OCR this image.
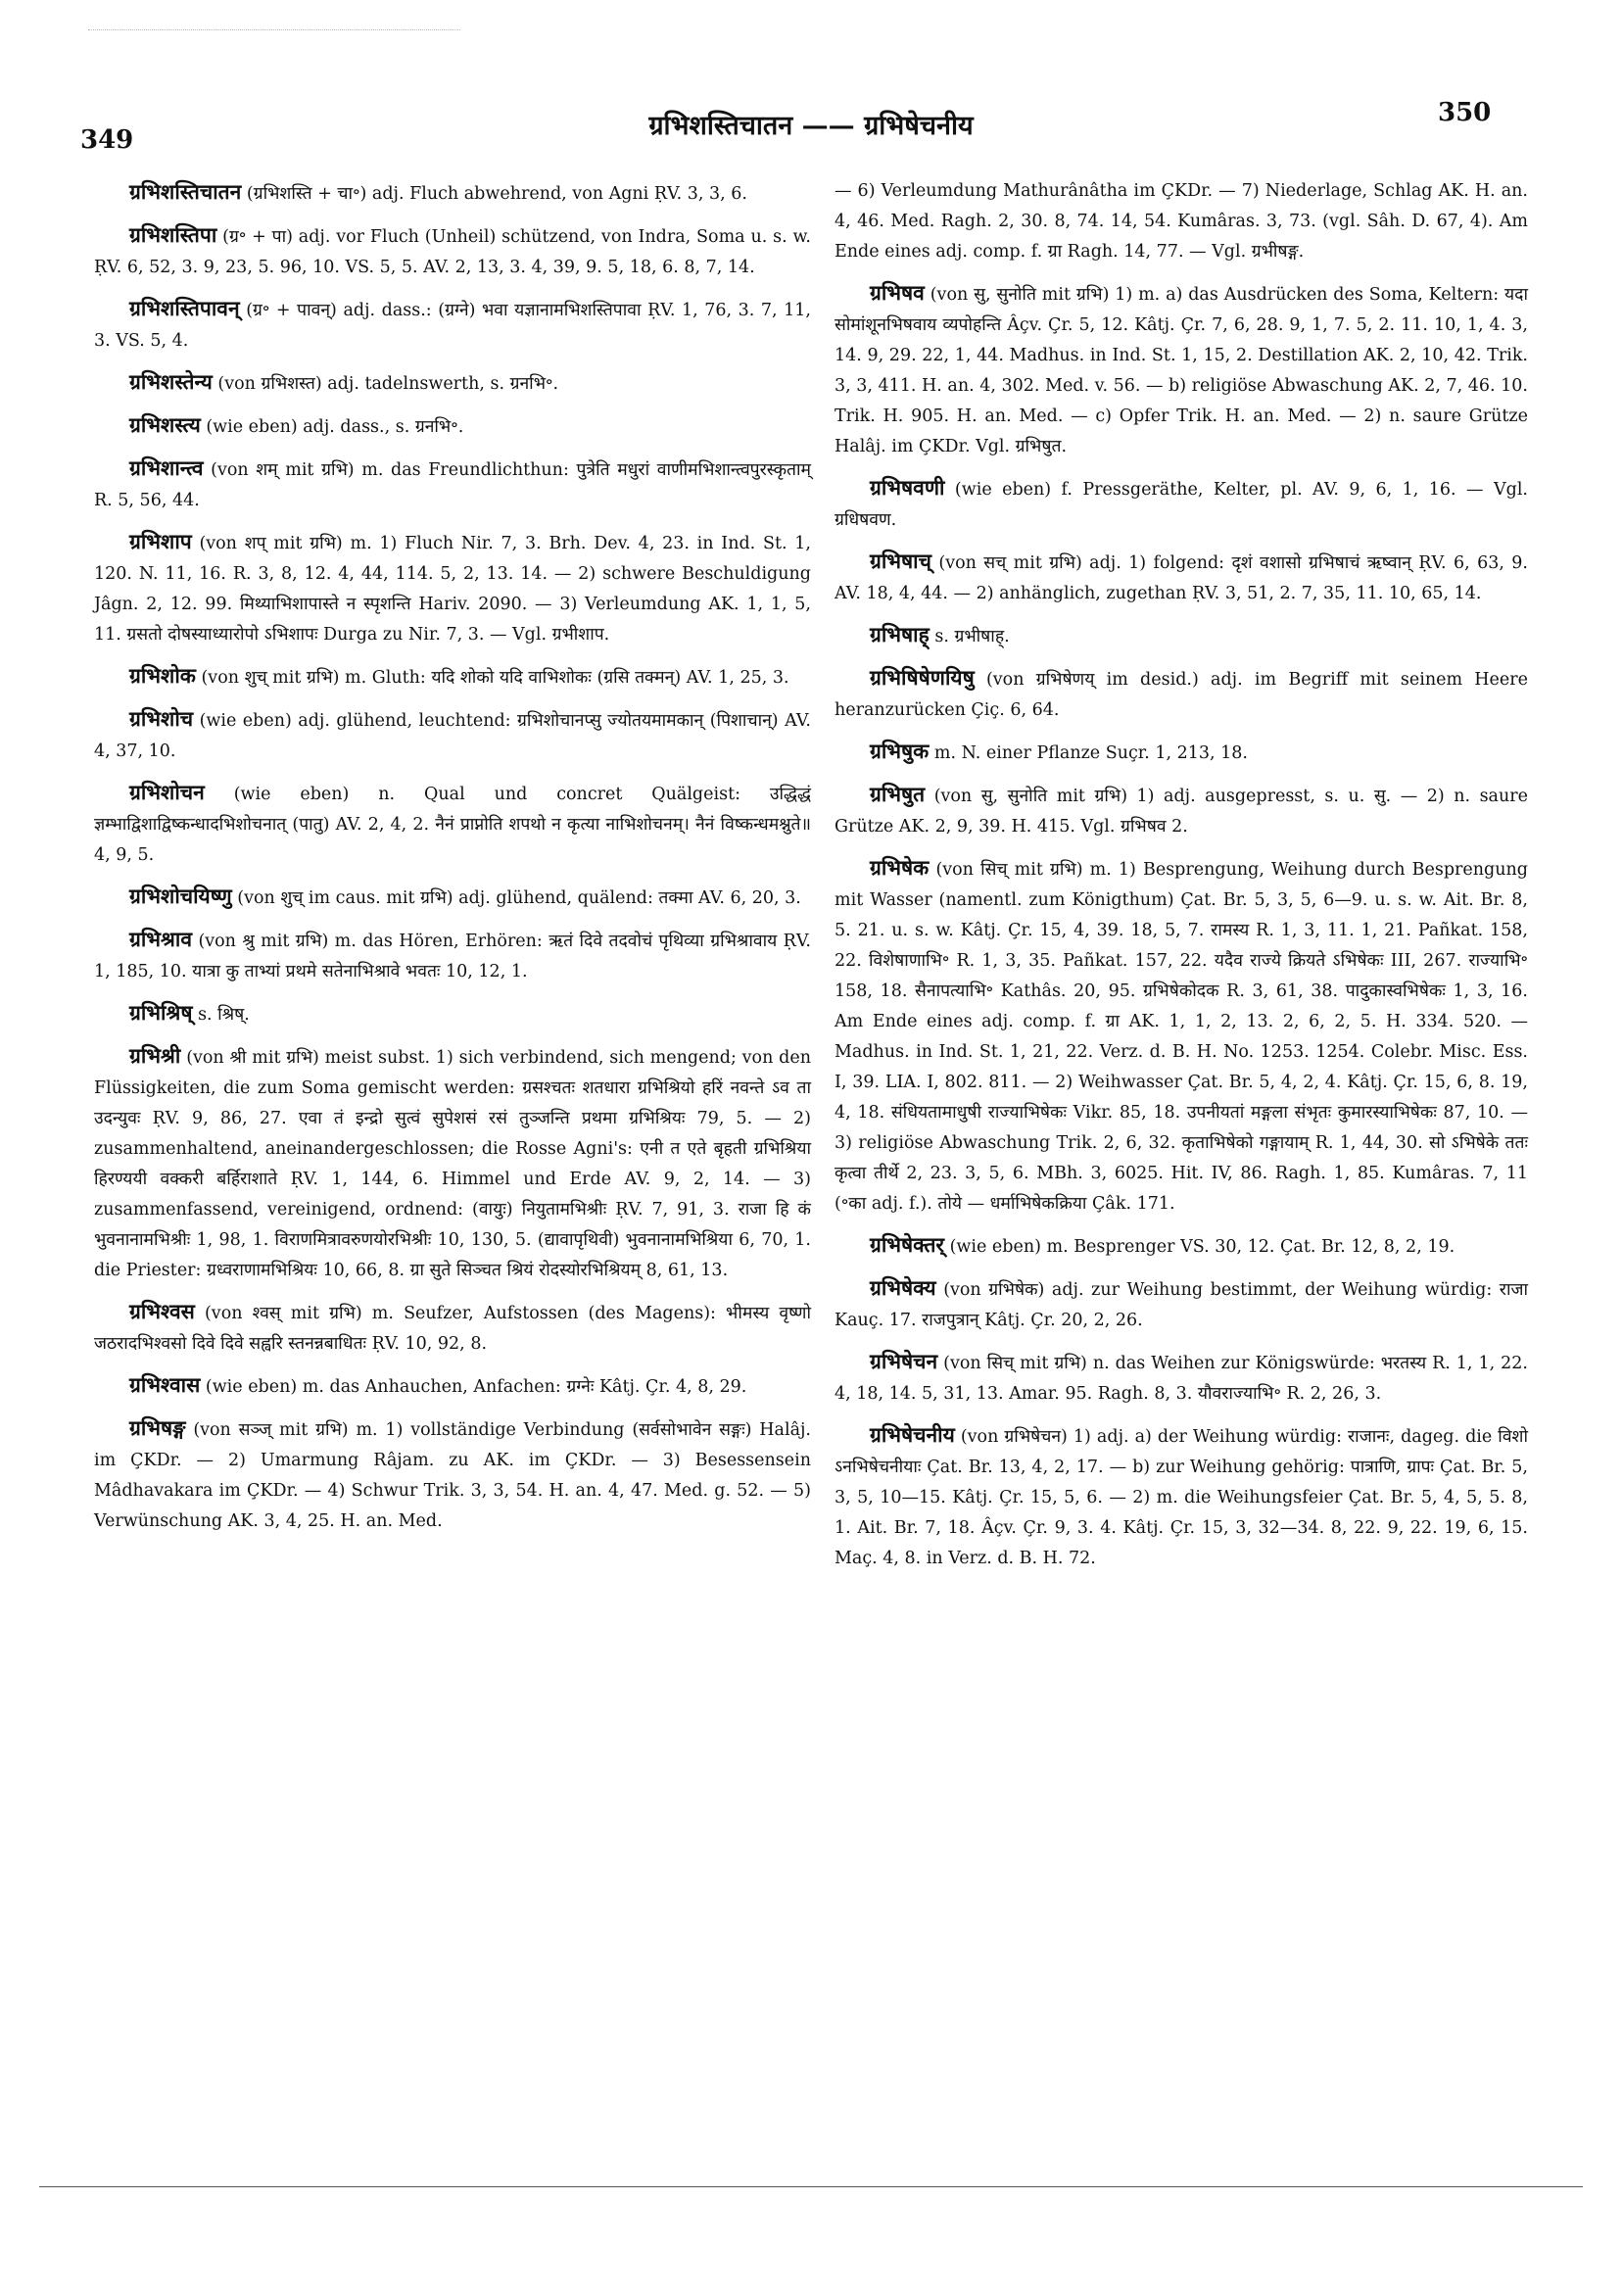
349	ग्रभिशस्तिचातन —— ग्रभिषेचनीय	350

ग्रभिशस्तिचातन (ग्रभिशस्ति + चा॰) adj. Fluch abwehrend, von Agni ṚV. 3, 3, 6.

ग्रभिशस्तिपा (ग्र॰ + पा) adj. vor Fluch (Unheil) schützend, von Indra, Soma u. s. w. ṚV. 6, 52, 3. 9, 23, 5. 96, 10. VS. 5, 5. AV. 2, 13, 3. 4, 39, 9. 5, 18, 6. 8, 7, 14.

ग्रभिशस्तिपावन् (ग्र॰ + पावन्) adj. dass.: (ग्रग्ने) भवा यज्ञानामभिशस्तिपावा ṚV. 1, 76, 3. 7, 11, 3. VS. 5, 4.

ग्रभिशस्तेन्य (von ग्रभिशस्त) adj. tadelnswerth, s. ग्रनभि॰.

ग्रभिशस्त्य (wie eben) adj. dass., s. ग्रनभि॰.

ग्रभिशान्त्व (von शम् mit ग्रभि) m. das Freundlichthun: पुत्रेति मधुरां वाणीमभिशान्त्वपुरस्कृताम् R. 5, 56, 44.

ग्रभिशाप (von शप् mit ग्रभि) m. 1) Fluch Nir. 7, 3. Brh. Dev. 4, 23. in Ind. St. 1, 120. N. 11, 16. R. 3, 8, 12. 4, 44, 114. 5, 2, 13. 14. — 2) schwere Beschuldigung Jâgn. 2, 12. 99. मिथ्याभिशापास्ते न स्पृशन्ति Hariv. 2090. — 3) Verleumdung AK. 1, 1, 5, 11. ग्रसतो दोषस्याध्यारोपो ऽभिशापः Durga zu Nir. 7, 3. — Vgl. ग्रभीशाप.

ग्रभिशोक (von शुच् mit ग्रभि) m. Gluth: यदि शोको यदि वाभिशोकः (ग्रसि तक्मन्) AV. 1, 25, 3.

ग्रभिशोच (wie eben) adj. glühend, leuchtend: ग्रभिशोचानप्सु ज्योतयमामकान् (पिशाचान्) AV. 4, 37, 10.

ग्रभिशोचन (wie eben) n. Qual und concret Quälgeist: उद्धिद्धं ज्ञम्भाद्विशाद्विष्कन्धादभिशोचनात् (पातु) AV. 2, 4, 2. नैनं प्राप्नोति शपथो न कृत्या नाभिशोचनम्। नैनं विष्कन्धमश्नुते॥ 4, 9, 5.

ग्रभिशोचयिष्णु (von शुच् im caus. mit ग्रभि) adj. glühend, quälend: तक्मा AV. 6, 20, 3.

ग्रभिश्राव (von श्रु mit ग्रभि) m. das Hören, Erhören: ऋतं दिवे तदवोचं पृथिव्या ग्रभिश्रावाय ṚV. 1, 185, 10. यात्रा कु ताभ्यां प्रथमे सतेनाभिश्रावे भवतः 10, 12, 1.

ग्रभिश्रिष् s. श्रिष्.

ग्रभिश्री (von श्री mit ग्रभि) meist subst. 1) sich verbindend, sich mengend; von den Flüssigkeiten, die zum Soma gemischt werden: ग्रसश्चतः शतधारा ग्रभिश्रियो हरिं नवन्ते ऽव ता उदन्युवः ṚV. 9, 86, 27. एवा तं इन्द्रो सुत्वं सुपेशसं रसं तुञ्जन्ति प्रथमा ग्रभिश्रियः 79, 5. — 2) zusammenhaltend, aneinandergeschlossen; die Rosse Agni's: एनी त एते बृहती ग्रभिश्रिया हिरण्ययी वक्करी बर्हिराशाते ṚV. 1, 144, 6. Himmel und Erde AV. 9, 2, 14. — 3) zusammenfassend, vereinigend, ordnend: (वायुः) नियुतामभिश्रीः ṚV. 7, 91, 3. राजा हि कं भुवनानामभिश्रीः 1, 98, 1. विराणमित्रावरुणयोरभिश्रीः 10, 130, 5. (द्यावापृथिवी) भुवनानामभिश्रिया 6, 70, 1. die Priester: ग्रध्वराणामभिश्रियः 10, 66, 8. ग्रा सुते सिञ्चत श्रियं रोदस्योरभिश्रियम् 8, 61, 13.

ग्रभिश्वस (von श्वस् mit ग्रभि) m. Seufzer, Aufstossen (des Magens): भीमस्य वृष्णो जठरादभिश्वसो दिवे दिवे सह्वरि स्तनन्नबाधितः ṚV. 10, 92, 8.

ग्रभिश्वास (wie eben) m. das Anhauchen, Anfachen: ग्रग्नेः Kâtj. Çr. 4, 8, 29.

ग्रभिषङ्ग (von सञ्ज् mit ग्रभि) m. 1) vollständige Verbindung (सर्वसोभावेन सङ्गः) Halâj. im ÇKDr. — 2) Umarmung Râjam. zu AK. im ÇKDr. — 3) Besessensein Mâdhavakara im ÇKDr. — 4) Schwur Trik. 3, 3, 54. H. an. 4, 47. Med. g. 52. — 5) Verwünschung AK. 3, 4, 25. H. an. Med.

— 6) Verleumdung Mathurânâtha im ÇKDr. — 7) Niederlage, Schlag AK. H. an. 4, 46. Med. Ragh. 2, 30. 8, 74. 14, 54. Kumâras. 3, 73. (vgl. Sâh. D. 67, 4). Am Ende eines adj. comp. f. ग्रा Ragh. 14, 77. — Vgl. ग्रभीषङ्ग.

ग्रभिषव (von सु, सुनोति mit ग्रभि) 1) m. a) das Ausdrücken des Soma, Keltern: यदा सोमांशूनभिषवाय व्यपोहन्ति Âçv. Çr. 5, 12. Kâtj. Çr. 7, 6, 28. 9, 1, 7. 5, 2. 11. 10, 1, 4. 3, 14. 9, 29. 22, 1, 44. Madhus. in Ind. St. 1, 15, 2. Destillation AK. 2, 10, 42. Trik. 3, 3, 411. H. an. 4, 302. Med. v. 56. — b) religiöse Abwaschung AK. 2, 7, 46. 10. Trik. H. 905. H. an. Med. — c) Opfer Trik. H. an. Med. — 2) n. saure Grütze Halâj. im ÇKDr. Vgl. ग्रभिषुत.

ग्रभिषवणी (wie eben) f. Pressgeräthe, Kelter, pl. AV. 9, 6, 1, 16. — Vgl. ग्रधिषवण.

ग्रभिषाच् (von सच् mit ग्रभि) adj. 1) folgend: दृशं वशासो ग्रभिषाचं ऋष्वान् ṚV. 6, 63, 9. AV. 18, 4, 44. — 2) anhänglich, zugethan ṚV. 3, 51, 2. 7, 35, 11. 10, 65, 14.

ग्रभिषाह् s. ग्रभीषाह्.

ग्रभिषिषेणयिषु (von ग्रभिषेणय् im desid.) adj. im Begriff mit seinem Heere heranzurücken Çiç. 6, 64.

ग्रभिषुक m. N. einer Pflanze Suçr. 1, 213, 18.

ग्रभिषुत (von सु, सुनोति mit ग्रभि) 1) adj. ausgepresst, s. u. सु. — 2) n. saure Grütze AK. 2, 9, 39. H. 415. Vgl. ग्रभिषव 2.

ग्रभिषेक (von सिच् mit ग्रभि) m. 1) Besprengung, Weihung durch Besprengung mit Wasser (namentl. zum Königthum) Çat. Br. 5, 3, 5, 6—9. u. s. w. Ait. Br. 8, 5. 21. u. s. w. Kâtj. Çr. 15, 4, 39. 18, 5, 7. रामस्य R. 1, 3, 11. 1, 21. Pañkat. 158, 22. विशेषाणाभि॰ R. 1, 3, 35. Pañkat. 157, 22. यदैव राज्ये क्रियते ऽभिषेकः III, 267. राज्याभि॰ 158, 18. सैनापत्याभि॰ Kathâs. 20, 95. ग्रभिषेकोदक R. 3, 61, 38. पादुकास्वभिषेकः 1, 3, 16. Am Ende eines adj. comp. f. ग्रा AK. 1, 1, 2, 13. 2, 6, 2, 5. H. 334. 520. — Madhus. in Ind. St. 1, 21, 22. Verz. d. B. H. No. 1253. 1254. Colebr. Misc. Ess. I, 39. LIA. I, 802. 811. — 2) Weihwasser Çat. Br. 5, 4, 2, 4. Kâtj. Çr. 15, 6, 8. 19, 4, 18. संधियतामाधुषी राज्याभिषेकः Vikr. 85, 18. उपनीयतां मङ्गला संभृतः कुमारस्याभिषेकः 87, 10. — 3) religiöse Abwaschung Trik. 2, 6, 32. कृताभिषेको गङ्गायाम् R. 1, 44, 30. सो ऽभिषेके ततः कृत्वा तीर्थे 2, 23. 3, 5, 6. MBh. 3, 6025. Hit. IV, 86. Ragh. 1, 85. Kumâras. 7, 11 (॰का adj. f.). तोये — धर्माभिषेकक्रिया Çâk. 171.

ग्रभिषेक्तर् (wie eben) m. Besprenger VS. 30, 12. Çat. Br. 12, 8, 2, 19.

ग्रभिषेक्य (von ग्रभिषेक) adj. zur Weihung bestimmt, der Weihung würdig: राजा Kauç. 17. राजपुत्रान् Kâtj. Çr. 20, 2, 26.

ग्रभिषेचन (von सिच् mit ग्रभि) n. das Weihen zur Königswürde: भरतस्य R. 1, 1, 22. 4, 18, 14. 5, 31, 13. Amar. 95. Ragh. 8, 3. यौवराज्याभि॰ R. 2, 26, 3.

ग्रभिषेचनीय (von ग्रभिषेचन) 1) adj. a) der Weihung würdig: राजानः, dageg. die विशो ऽनभिषेचनीयाः Çat. Br. 13, 4, 2, 17. — b) zur Weihung gehörig: पात्राणि, ग्रापः Çat. Br. 5, 3, 5, 10—15. Kâtj. Çr. 15, 5, 6. — 2) m. die Weihungsfeier Çat. Br. 5, 4, 5, 5. 8, 1. Ait. Br. 7, 18. Âçv. Çr. 9, 3. 4. Kâtj. Çr. 15, 3, 32—34. 8, 22. 9, 22. 19, 6, 15. Maç. 4, 8. in Verz. d. B. H. 72.
